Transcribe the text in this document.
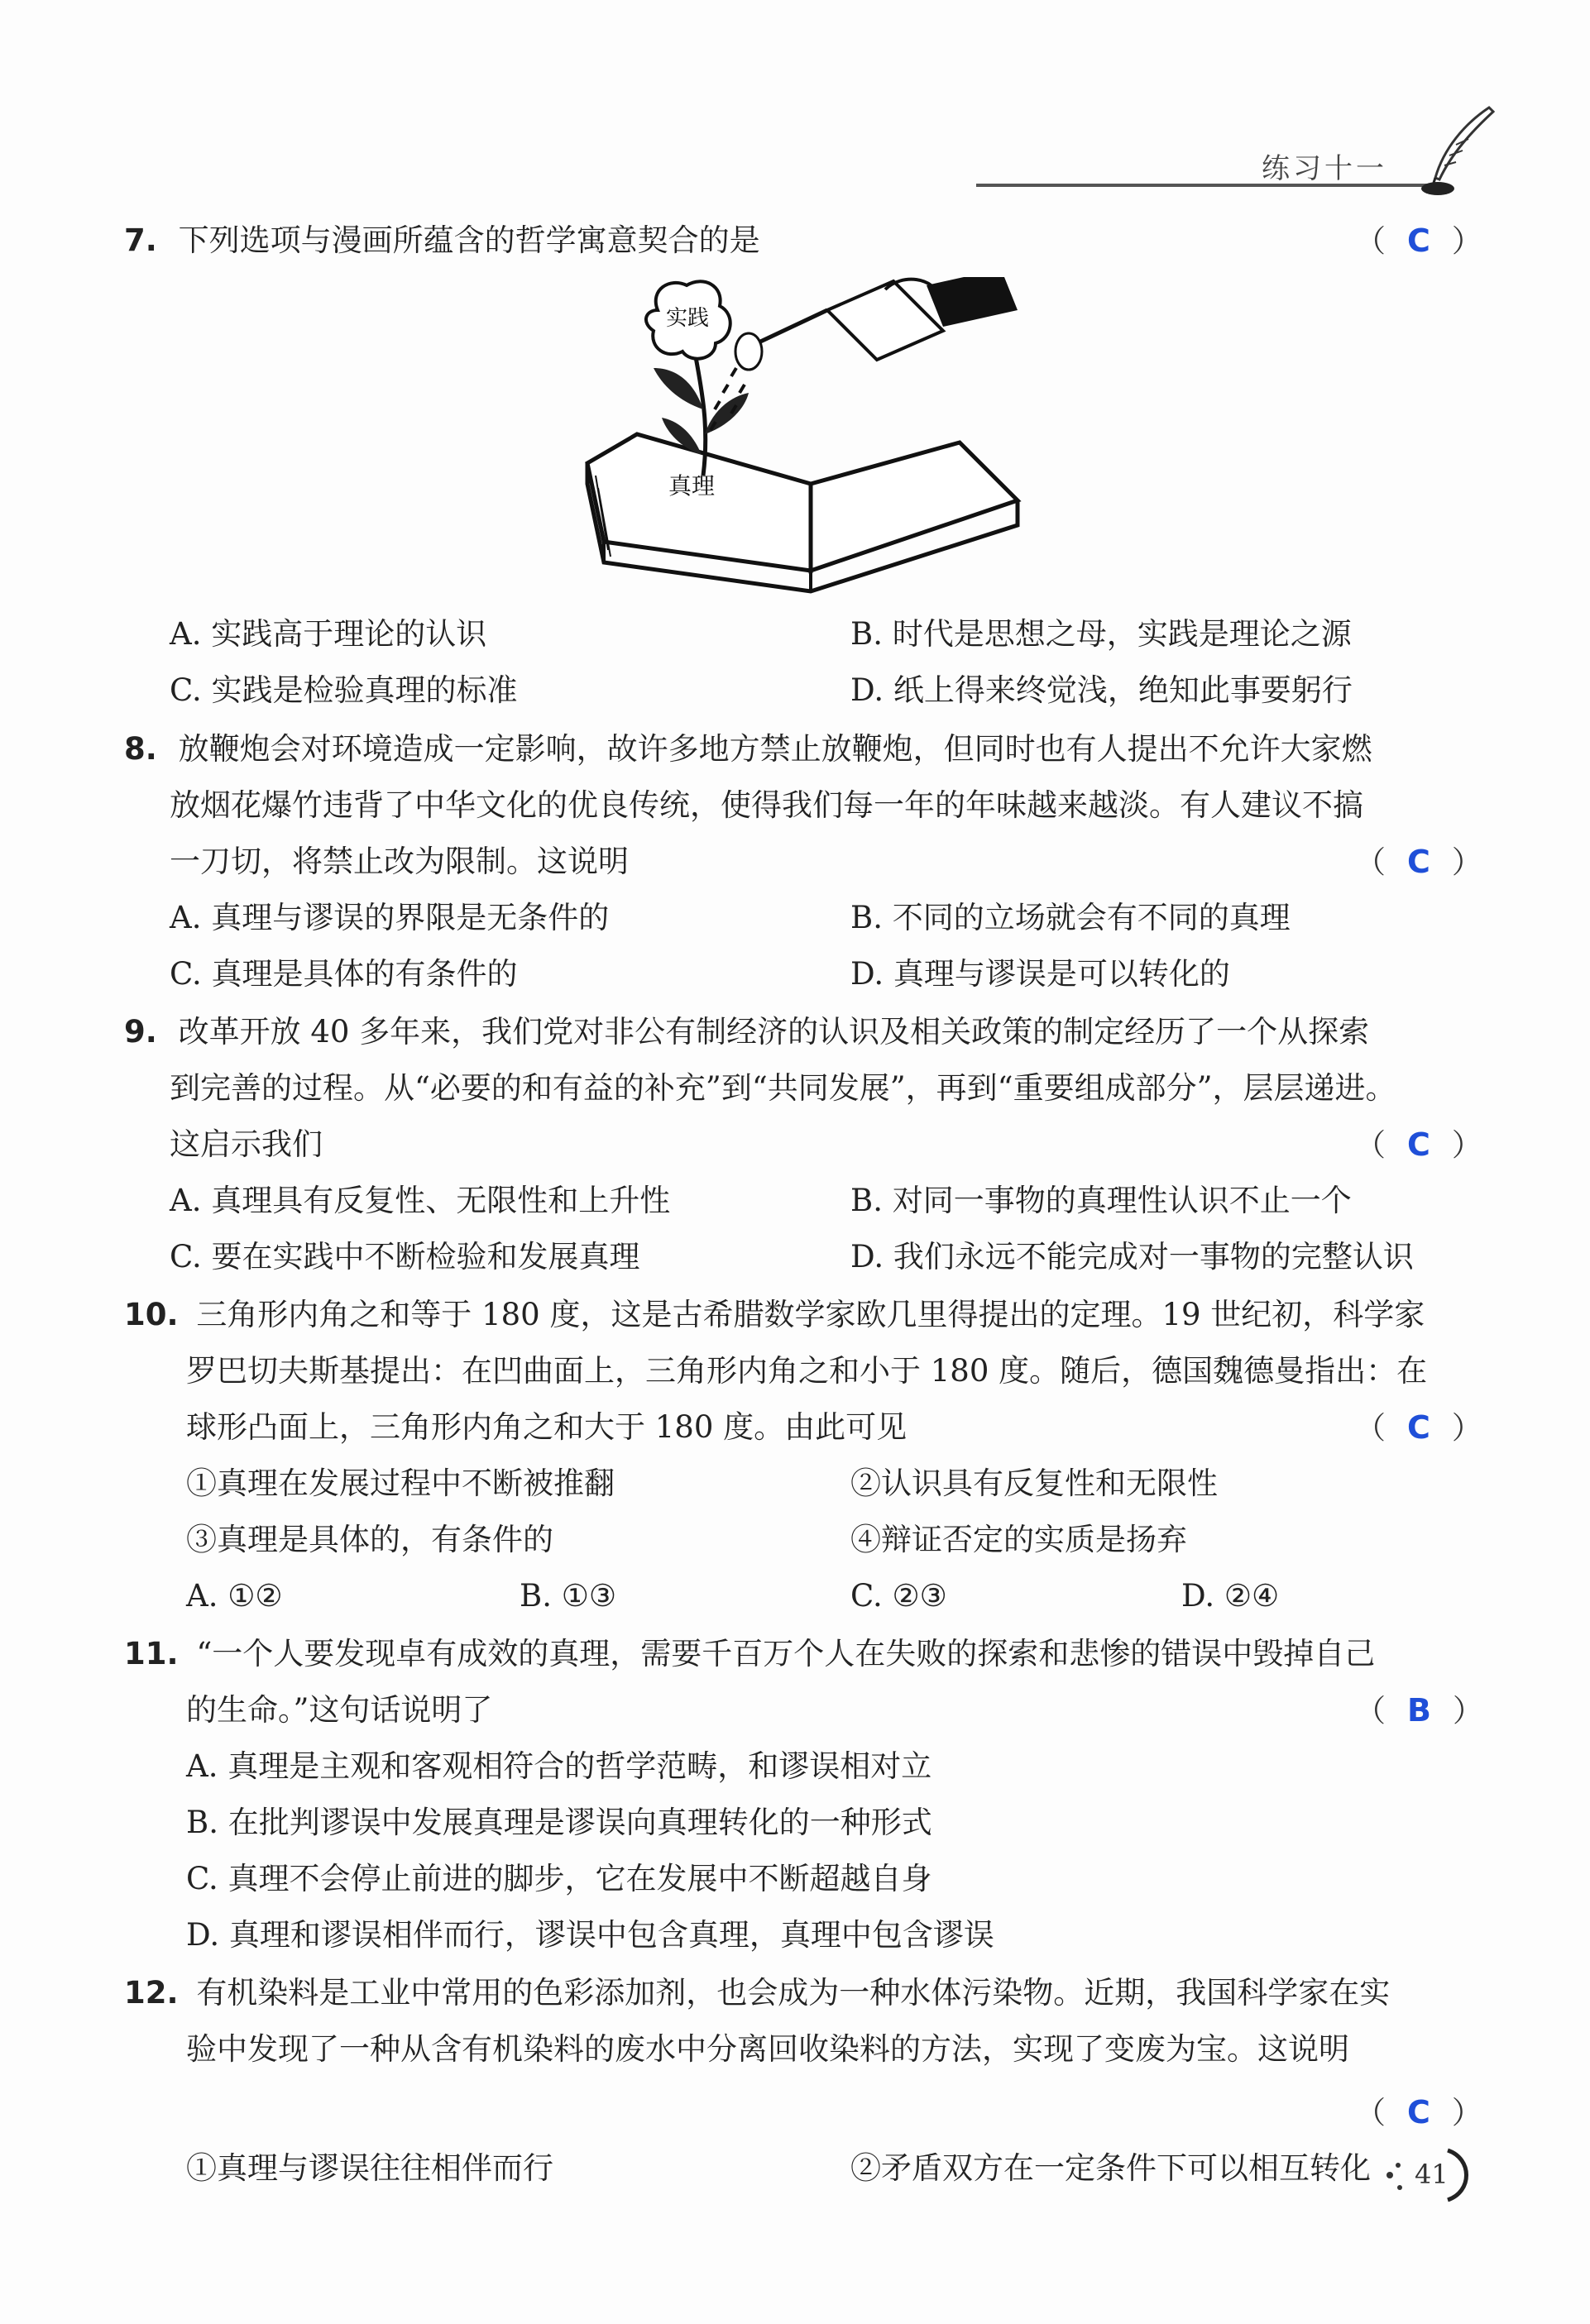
练习十一
7. 下列选项与漫画所蕴含的哲学寓意契合的是	（ C ）
实践
真理
A. 实践高于理论的认识	B. 时代是思想之母，实践是理论之源
C. 实践是检验真理的标准	D. 纸上得来终觉浅，绝知此事要躬行
8. 放鞭炮会对环境造成一定影响，故许多地方禁止放鞭炮，但同时也有人提出不允许大家燃
放烟花爆竹违背了中华文化的优良传统，使得我们每一年的年味越来越淡。有人建议不搞
一刀切，将禁止改为限制。这说明	（ C ）
A. 真理与谬误的界限是无条件的	B. 不同的立场就会有不同的真理
C. 真理是具体的有条件的	D. 真理与谬误是可以转化的
9. 改革开放 40 多年来，我们党对非公有制经济的认识及相关政策的制定经历了一个从探索
到完善的过程。从“必要的和有益的补充”到“共同发展”，再到“重要组成部分”，层层递进。
这启示我们	（ C ）
A. 真理具有反复性、无限性和上升性	B. 对同一事物的真理性认识不止一个
C. 要在实践中不断检验和发展真理	D. 我们永远不能完成对一事物的完整认识
10. 三角形内角之和等于 180 度，这是古希腊数学家欧几里得提出的定理。19 世纪初，科学家
罗巴切夫斯基提出：在凹曲面上，三角形内角之和小于 180 度。随后，德国魏德曼指出：在
球形凸面上，三角形内角之和大于 180 度。由此可见	（ C ）
①真理在发展过程中不断被推翻	②认识具有反复性和无限性
③真理是具体的，有条件的	④辩证否定的实质是扬弃
A. ①②	B. ①③	C. ②③	D. ②④
11. “一个人要发现卓有成效的真理，需要千百万个人在失败的探索和悲惨的错误中毁掉自己
的生命。”这句话说明了	（ B ）
A. 真理是主观和客观相符合的哲学范畴，和谬误相对立
B. 在批判谬误中发展真理是谬误向真理转化的一种形式
C. 真理不会停止前进的脚步，它在发展中不断超越自身
D. 真理和谬误相伴而行，谬误中包含真理，真理中包含谬误
12. 有机染料是工业中常用的色彩添加剂，也会成为一种水体污染物。近期，我国科学家在实
验中发现了一种从含有机染料的废水中分离回收染料的方法，实现了变废为宝。这说明
（ C ）
①真理与谬误往往相伴而行	②矛盾双方在一定条件下可以相互转化 41
